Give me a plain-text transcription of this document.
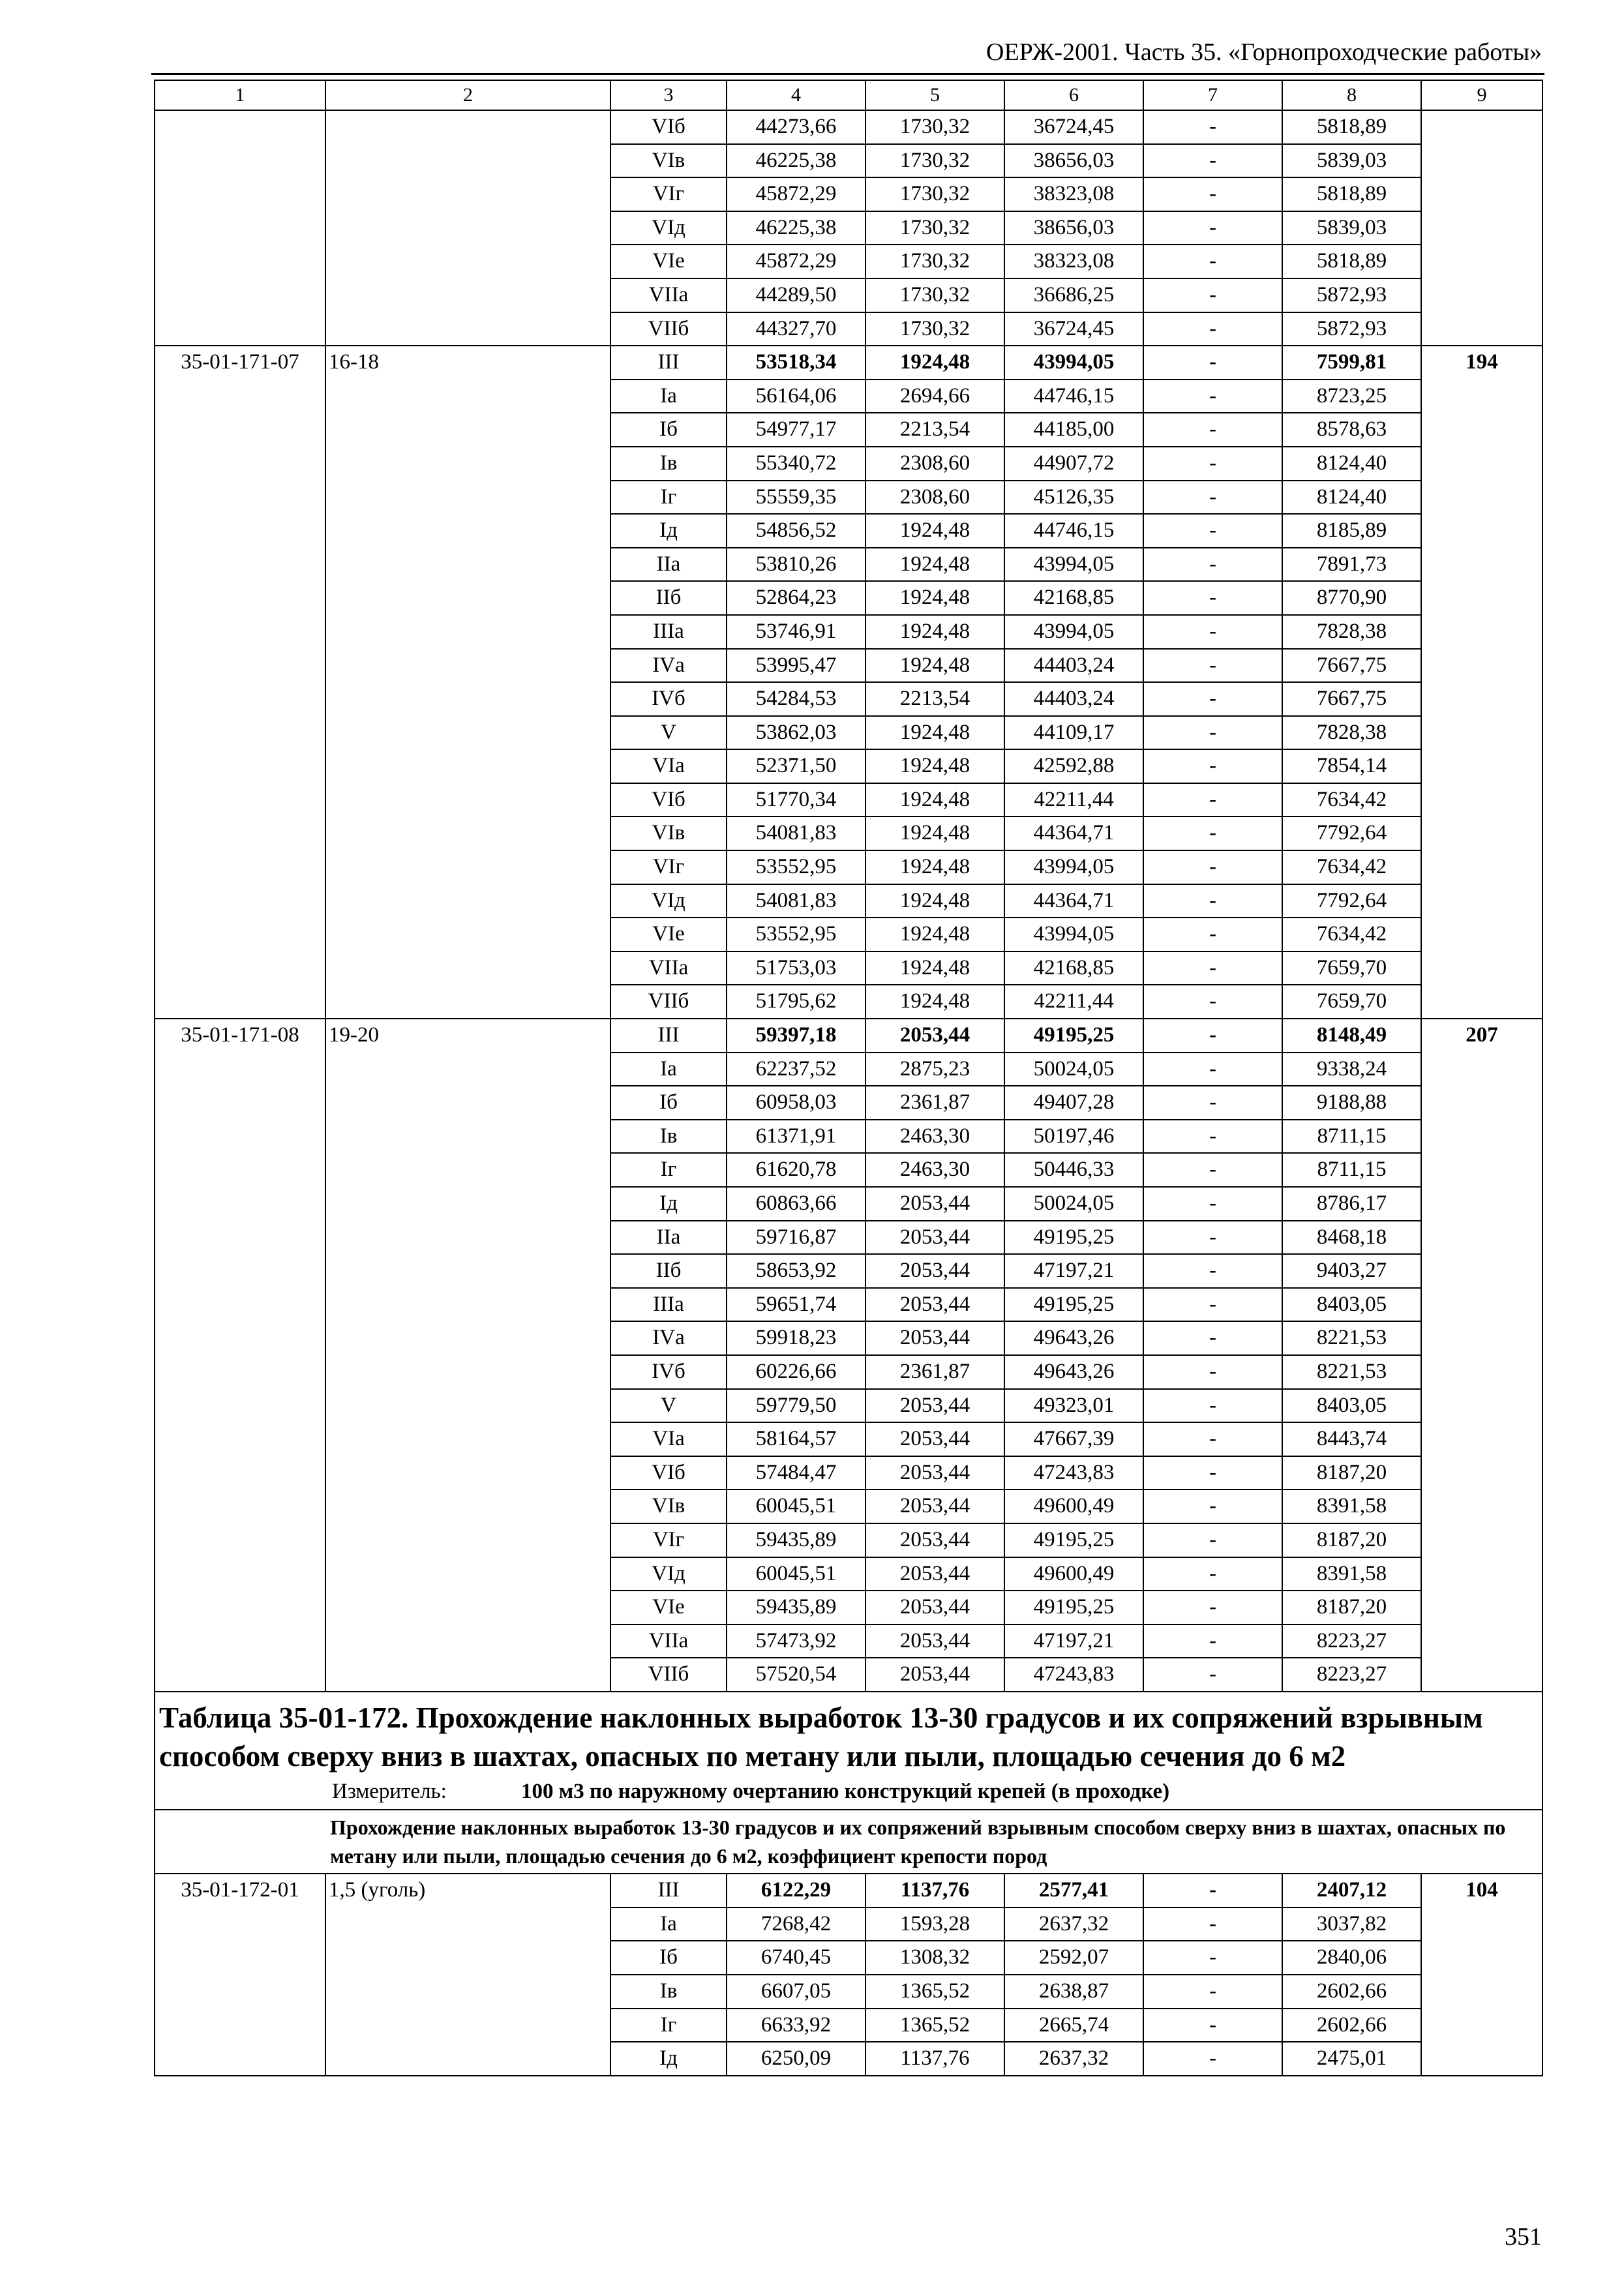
ОЕРЖ-2001. Часть 35. «Горнопроходческие работы»
1	2	3	4	5	6	7	8	9
		VIб	44273,66	1730,32	36724,45	-	5818,89	
		VIв	46225,38	1730,32	38656,03	-	5839,03	
		VIг	45872,29	1730,32	38323,08	-	5818,89	
		VIд	46225,38	1730,32	38656,03	-	5839,03	
		VIе	45872,29	1730,32	38323,08	-	5818,89	
		VIIа	44289,50	1730,32	36686,25	-	5872,93	
		VIIб	44327,70	1730,32	36724,45	-	5872,93	
35-01-171-07	16-18	III	53518,34	1924,48	43994,05	-	7599,81	194
		Iа	56164,06	2694,66	44746,15	-	8723,25	
		Iб	54977,17	2213,54	44185,00	-	8578,63	
		Iв	55340,72	2308,60	44907,72	-	8124,40	
		Iг	55559,35	2308,60	45126,35	-	8124,40	
		Iд	54856,52	1924,48	44746,15	-	8185,89	
		IIа	53810,26	1924,48	43994,05	-	7891,73	
		IIб	52864,23	1924,48	42168,85	-	8770,90	
		IIIа	53746,91	1924,48	43994,05	-	7828,38	
		IVа	53995,47	1924,48	44403,24	-	7667,75	
		IVб	54284,53	2213,54	44403,24	-	7667,75	
		V	53862,03	1924,48	44109,17	-	7828,38	
		VIа	52371,50	1924,48	42592,88	-	7854,14	
		VIб	51770,34	1924,48	42211,44	-	7634,42	
		VIв	54081,83	1924,48	44364,71	-	7792,64	
		VIг	53552,95	1924,48	43994,05	-	7634,42	
		VIд	54081,83	1924,48	44364,71	-	7792,64	
		VIе	53552,95	1924,48	43994,05	-	7634,42	
		VIIа	51753,03	1924,48	42168,85	-	7659,70	
		VIIб	51795,62	1924,48	42211,44	-	7659,70	
35-01-171-08	19-20	III	59397,18	2053,44	49195,25	-	8148,49	207
		Iа	62237,52	2875,23	50024,05	-	9338,24	
		Iб	60958,03	2361,87	49407,28	-	9188,88	
		Iв	61371,91	2463,30	50197,46	-	8711,15	
		Iг	61620,78	2463,30	50446,33	-	8711,15	
		Iд	60863,66	2053,44	50024,05	-	8786,17	
		IIа	59716,87	2053,44	49195,25	-	8468,18	
		IIб	58653,92	2053,44	47197,21	-	9403,27	
		IIIа	59651,74	2053,44	49195,25	-	8403,05	
		IVа	59918,23	2053,44	49643,26	-	8221,53	
		IVб	60226,66	2361,87	49643,26	-	8221,53	
		V	59779,50	2053,44	49323,01	-	8403,05	
		VIа	58164,57	2053,44	47667,39	-	8443,74	
		VIб	57484,47	2053,44	47243,83	-	8187,20	
		VIв	60045,51	2053,44	49600,49	-	8391,58	
		VIг	59435,89	2053,44	49195,25	-	8187,20	
		VIд	60045,51	2053,44	49600,49	-	8391,58	
		VIе	59435,89	2053,44	49195,25	-	8187,20	
		VIIа	57473,92	2053,44	47197,21	-	8223,27	
		VIIб	57520,54	2053,44	47243,83	-	8223,27	

Таблица 35-01-172. Прохождение наклонных выработок 13-30 градусов и их сопряжений взрывным способом сверху вниз в шахтах, опасных по метану или пыли, площадью сечения до 6 м2
Измеритель: 100 м3 по наружному очертанию конструкций крепей (в проходке)								

Прохождение наклонных выработок 13-30 градусов и их сопряжений взрывным способом сверху вниз в шахтах, опасных по метану или пыли, площадью сечения до 6 м2, коэффициент крепости пород								
35-01-172-01	1,5 (уголь)	III	6122,29	1137,76	2577,41	-	2407,12	104
		Iа	7268,42	1593,28	2637,32	-	3037,82	
		Iб	6740,45	1308,32	2592,07	-	2840,06	
		Iв	6607,05	1365,52	2638,87	-	2602,66	
		Iг	6633,92	1365,52	2665,74	-	2602,66	
		Iд	6250,09	1137,76	2637,32	-	2475,01	
351
